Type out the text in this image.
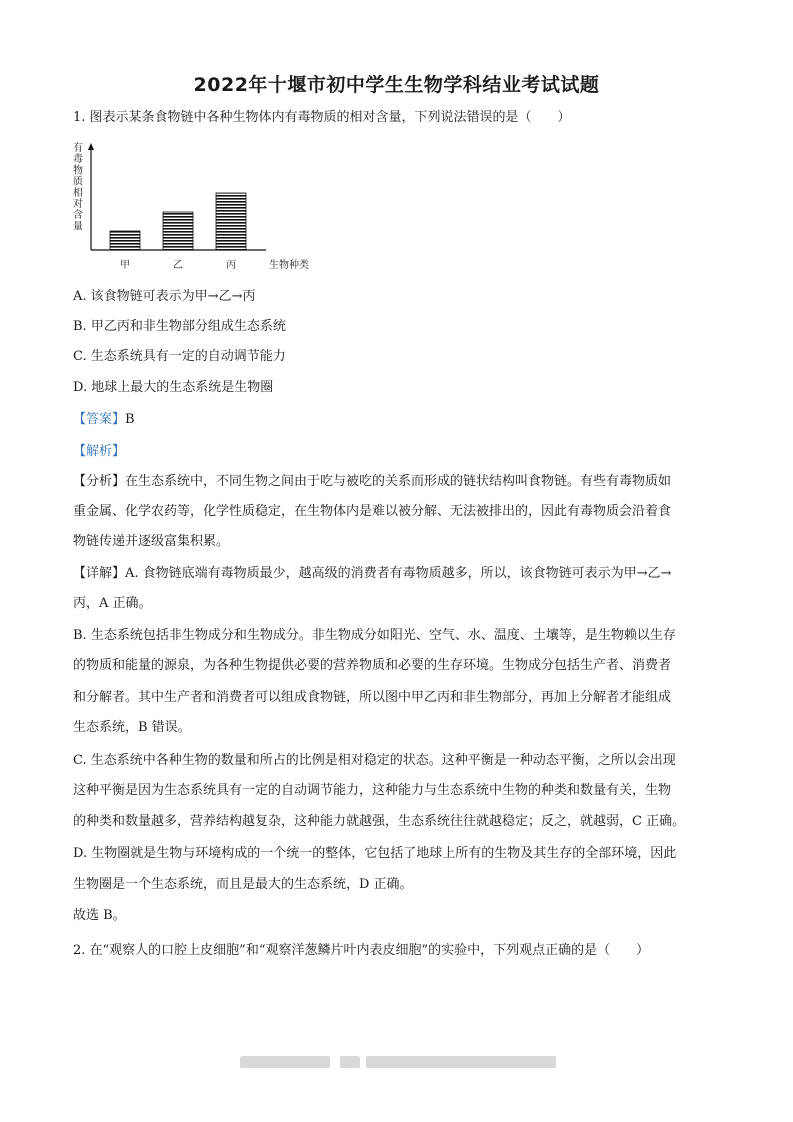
2022年十堰市初中学生生物学科结业考试试题
1. 图表示某条食物链中各种生物体内有毒物质的相对含量，下列说法错误的是（　　）
有
毒
物
质
相
对
含
量
甲	乙	丙	生物种类
A. 该食物链可表示为甲→乙→丙
B. 甲乙丙和非生物部分组成生态系统
C. 生态系统具有一定的自动调节能力
D. 地球上最大的生态系统是生物圈
【答案】B
【解析】
【分析】在生态系统中，不同生物之间由于吃与被吃的关系而形成的链状结构叫食物链。有些有毒物质如
重金属、化学农药等，化学性质稳定，在生物体内是难以被分解、无法被排出的，因此有毒物质会沿着食
物链传递并逐级富集积累。
【详解】A. 食物链底端有毒物质最少，越高级的消费者有毒物质越多，所以，该食物链可表示为甲→乙→
丙，A 正确。
B. 生态系统包括非生物成分和生物成分。非生物成分如阳光、空气、水、温度、土壤等，是生物赖以生存
的物质和能量的源泉，为各种生物提供必要的营养物质和必要的生存环境。生物成分包括生产者、消费者
和分解者。其中生产者和消费者可以组成食物链，所以图中甲乙丙和非生物部分，再加上分解者才能组成
生态系统，B 错误。
C. 生态系统中各种生物的数量和所占的比例是相对稳定的状态。这种平衡是一种动态平衡，之所以会出现
这种平衡是因为生态系统具有一定的自动调节能力，这种能力与生态系统中生物的种类和数量有关，生物
的种类和数量越多，营养结构越复杂，这种能力就越强，生态系统往往就越稳定；反之，就越弱，C 正确。
D. 生物圈就是生物与环境构成的一个统一的整体，它包括了地球上所有的生物及其生存的全部环境，因此
生物圈是一个生态系统，而且是最大的生态系统，D 正确。
故选 B。
2. 在“观察人的口腔上皮细胞”和“观察洋葱鳞片叶内表皮细胞”的实验中，下列观点正确的是（　　）
